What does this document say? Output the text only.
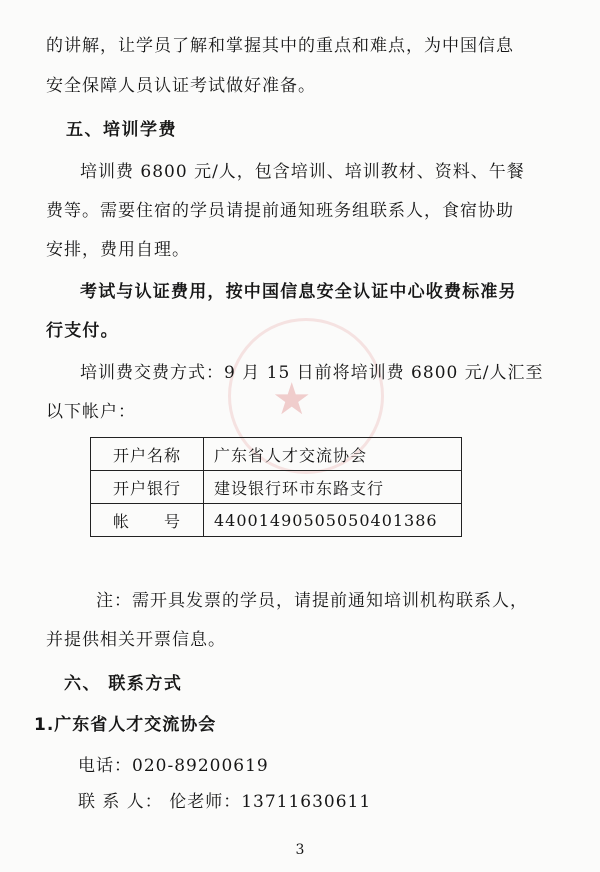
★
的讲解，让学员了解和掌握其中的重点和难点，为中国信息
安全保障人员认证考试做好准备。
五、培训学费
培训费 6800 元/人，包含培训、培训教材、资料、午餐
费等。需要住宿的学员请提前通知班务组联系人，食宿协助
安排，费用自理。
考试与认证费用，按中国信息安全认证中心收费标准另
行支付。
培训费交费方式：9 月 15 日前将培训费 6800 元/人汇至
以下帐户：
开户名称	广东省人才交流协会
开户银行	建设银行环市东路支行
帐　　号	44001490505050401386
注：需开具发票的学员，请提前通知培训机构联系人，
并提供相关开票信息。
六、 联系方式
1.广东省人才交流协会
电话：020-89200619
联 系 人： 伦老师：13711630611
3
